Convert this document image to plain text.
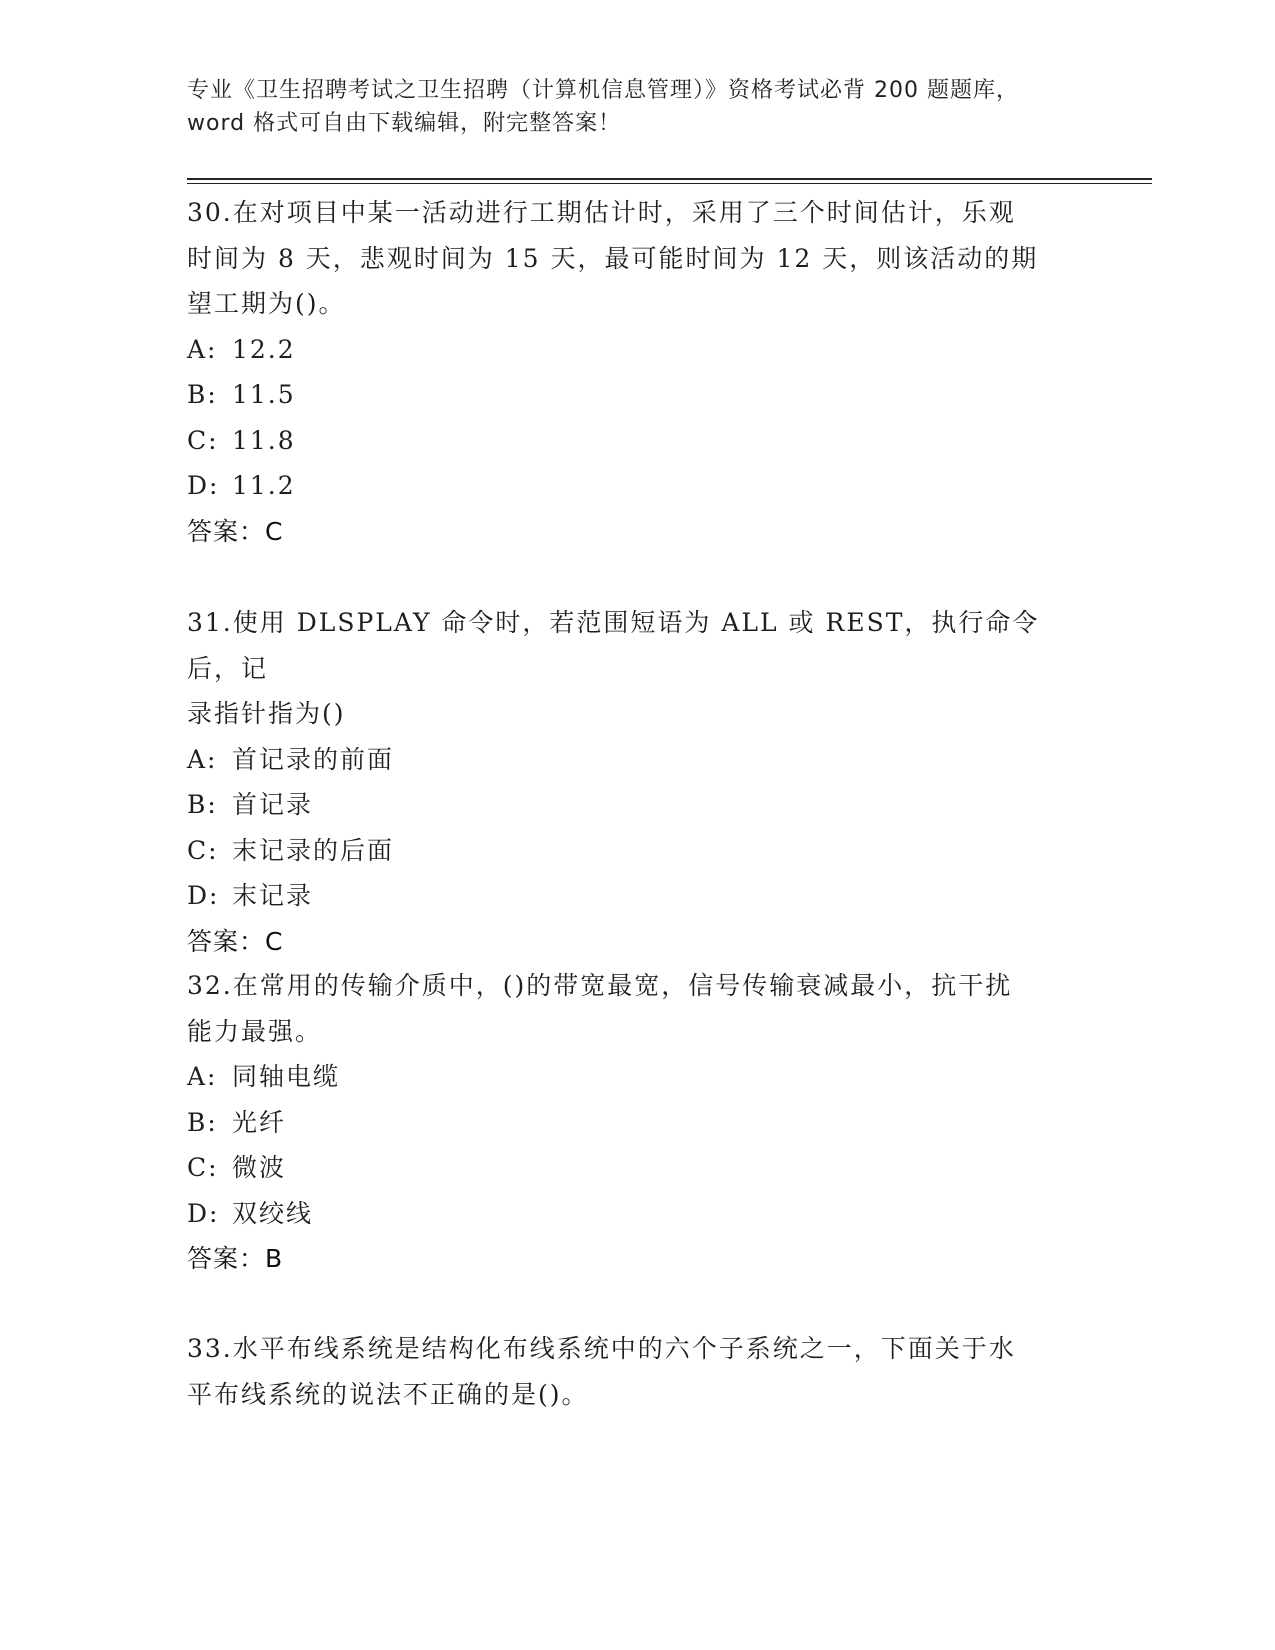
专业《卫生招聘考试之卫生招聘（计算机信息管理）》资格考试必背 200 题题库，
word 格式可自由下载编辑，附完整答案！
30.在对项目中某一活动进行工期估计时，采用了三个时间估计，乐观
时间为 8 天，悲观时间为 15 天，最可能时间为 12 天，则该活动的期
望工期为()。
A: 12.2
B: 11.5
C: 11.8
D: 11.2
答案：C
31.使用 DLSPLAY 命令时，若范围短语为 ALL 或 REST，执行命令后，记
录指针指为()
A: 首记录的前面
B: 首记录
C: 末记录的后面
D: 末记录
答案：C
32.在常用的传输介质中，()的带宽最宽，信号传输衰减最小，抗干扰
能力最强。
A: 同轴电缆
B: 光纤
C: 微波
D: 双绞线
答案：B
33.水平布线系统是结构化布线系统中的六个子系统之一，下面关于水
平布线系统的说法不正确的是()。
